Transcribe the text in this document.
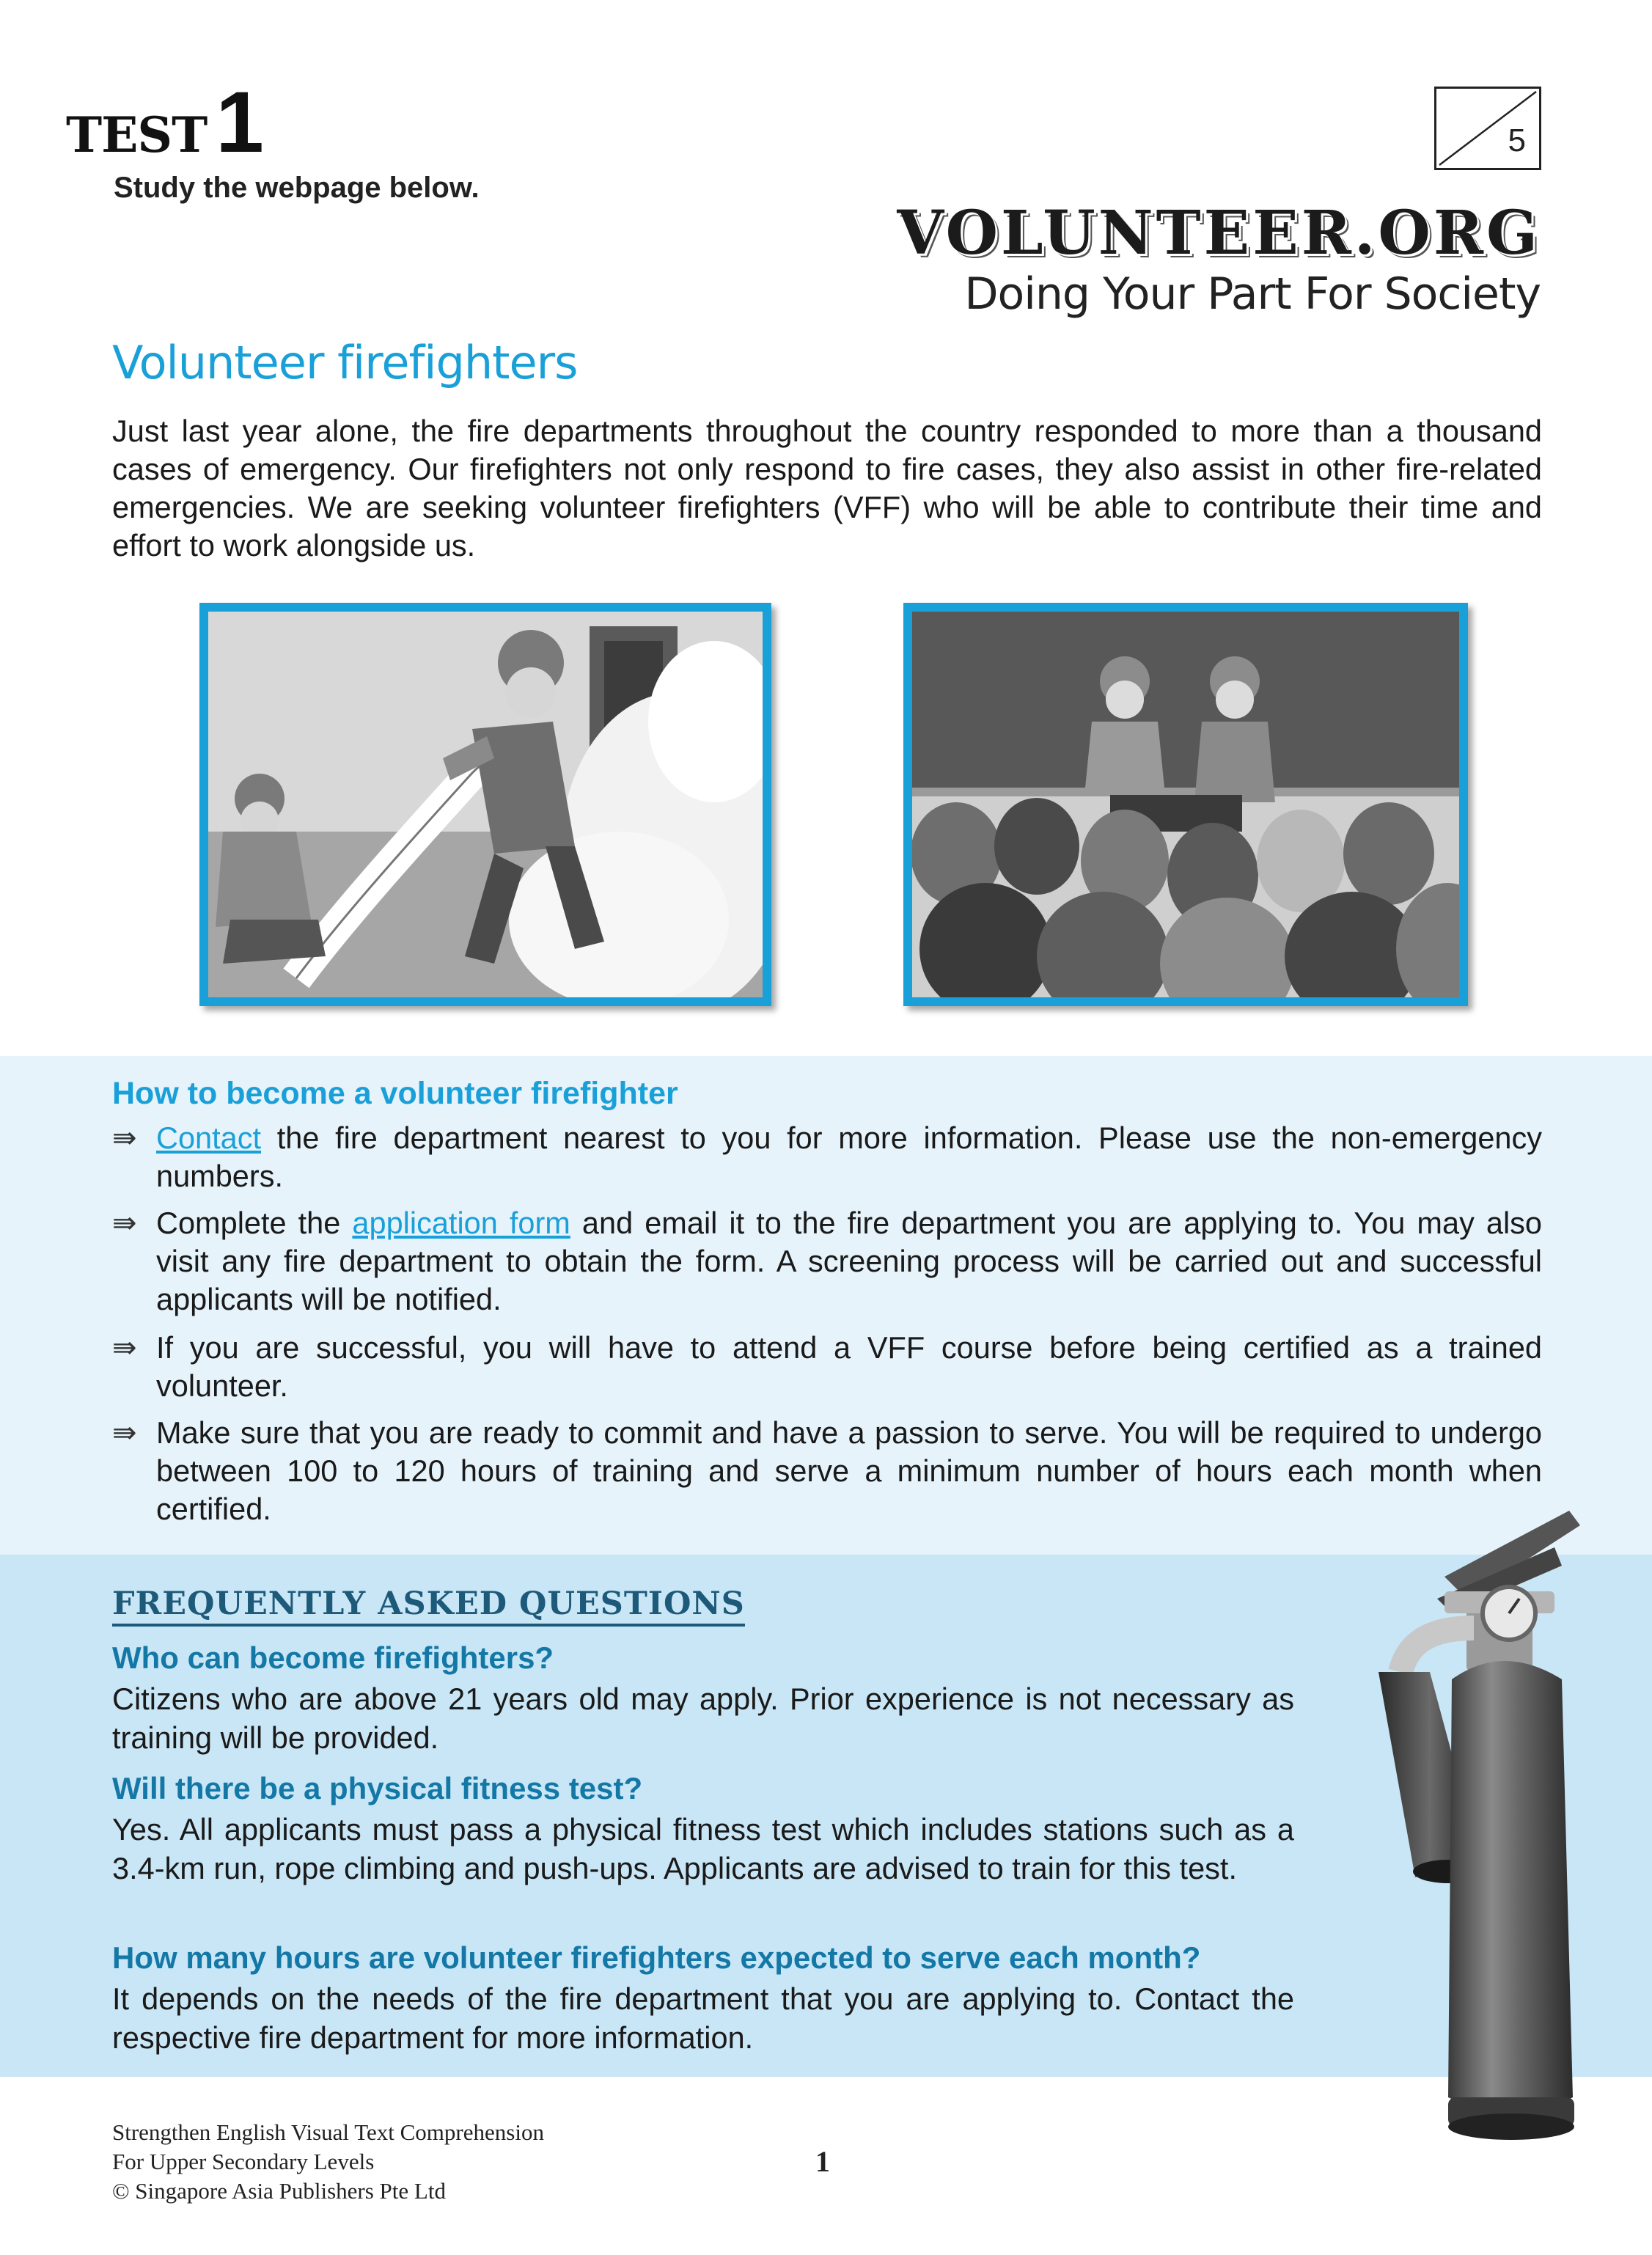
TEST 1
Study the webpage below.
5
VOLUNTEER.ORG
Doing Your Part For Society
Volunteer firefighters
Just last year alone, the fire departments throughout the country responded to more than a thousand cases of emergency. Our firefighters not only respond to fire cases, they also assist in other fire-related emergencies. We are seeking volunteer firefighters (VFF) who will be able to contribute their time and effort to work alongside us.
How to become a volunteer firefighter
⇛ Contact the fire department nearest to you for more information. Please use the non-emergency numbers.
⇛ Complete the application form and email it to the fire department you are applying to. You may also visit any fire department to obtain the form. A screening process will be carried out and successful applicants will be notified.
⇛ If you are successful, you will have to attend a VFF course before being certified as a trained volunteer.
⇛ Make sure that you are ready to commit and have a passion to serve. You will be required to undergo between 100 to 120 hours of training and serve a minimum number of hours each month when certified.
FREQUENTLY ASKED QUESTIONS
Who can become firefighters?
Citizens who are above 21 years old may apply. Prior experience is not necessary as training will be provided.
Will there be a physical fitness test?
Yes. All applicants must pass a physical fitness test which includes stations such as a 3.4-km run, rope climbing and push-ups. Applicants are advised to train for this test.
How many hours are volunteer firefighters expected to serve each month?
It depends on the needs of the fire department that you are applying to. Contact the respective fire department for more information.
Strengthen English Visual Text Comprehension
For Upper Secondary Levels
© Singapore Asia Publishers Pte Ltd
1
